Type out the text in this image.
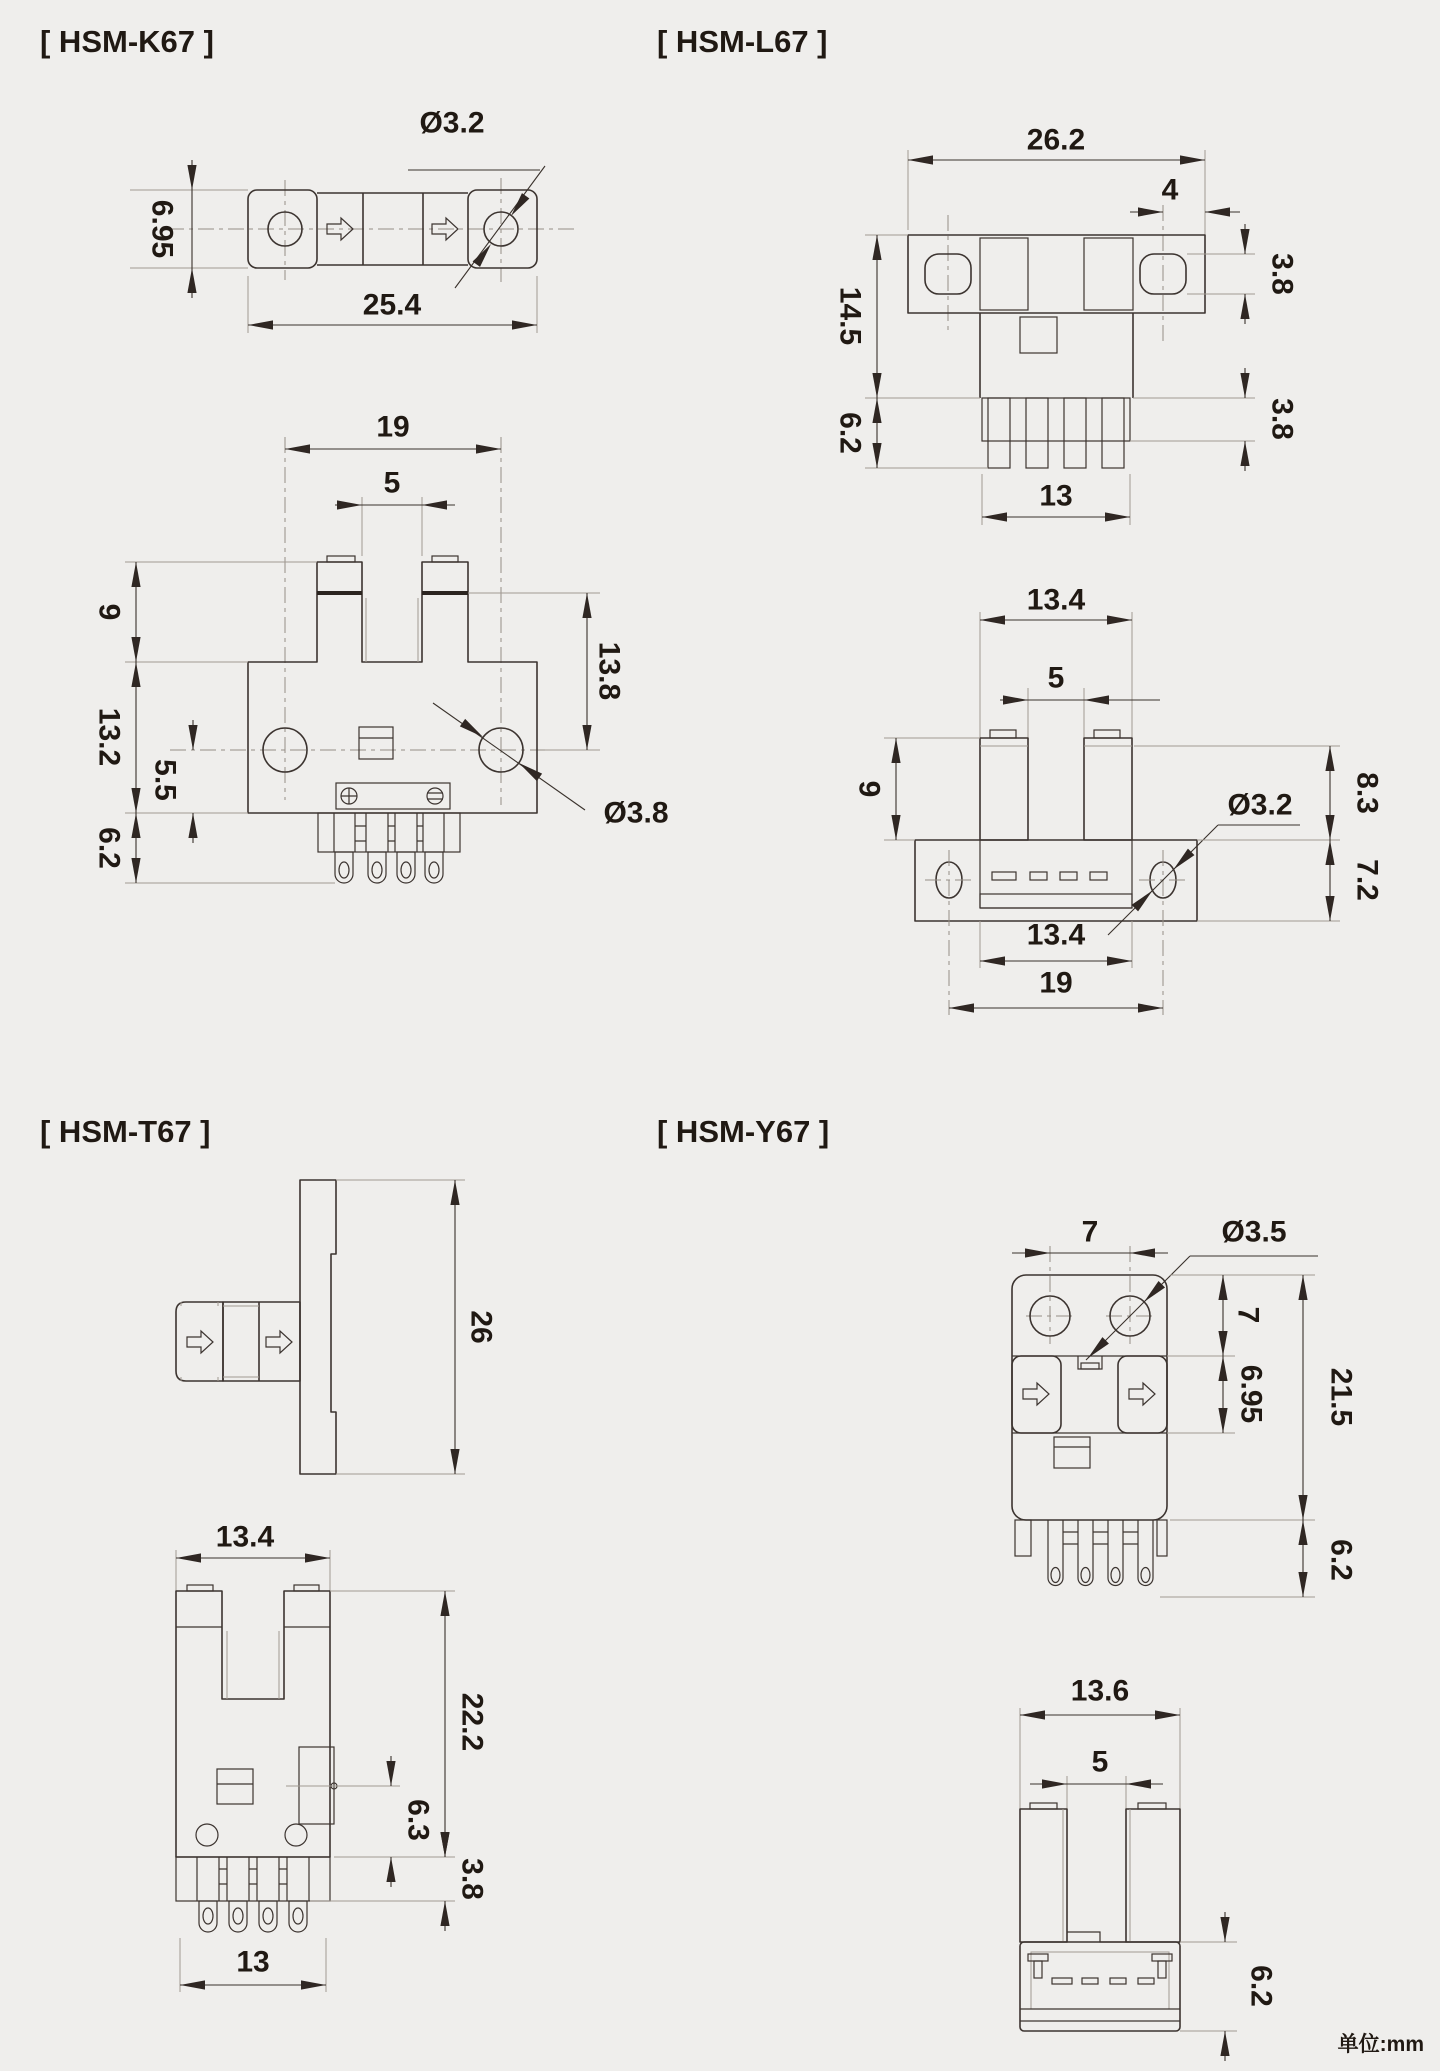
[ HSM-K67 ]
6.95
25.4
Ø3.2
19
5
9
13.2
6.2
5.5
13.8
Ø3.8
[ HSM-L67 ]
26.2
4
14.5
6.2
3.8
3.8
13
13.4
5
Ø3.2
9	8.3
7.2
13.4
19
[ HSM-T67 ]
26
13.4
22.2
6.3
3.8
13
[ HSM-Y67 ]
7	Ø3.5
7
6.95 21.5
6.2
13.6
5
6.2
单位:mm
